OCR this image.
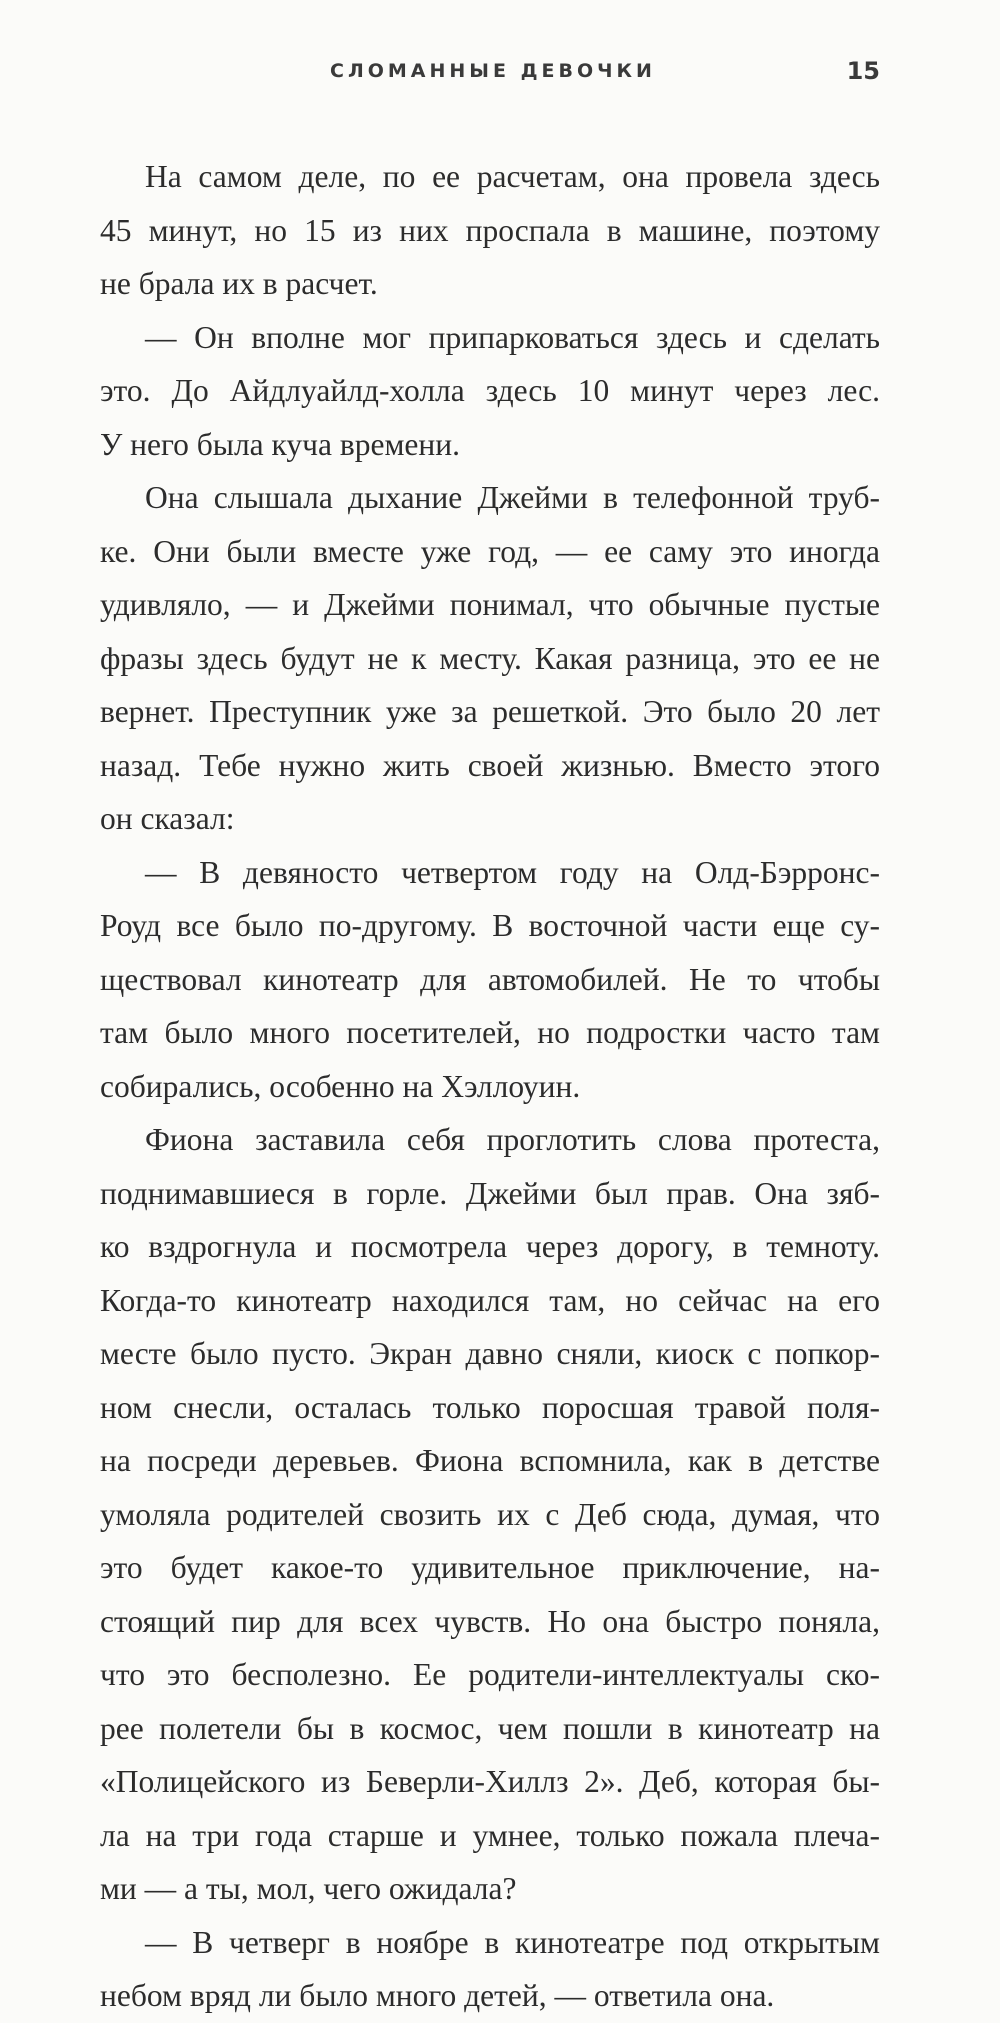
СЛОМАННЫЕ ДЕВОЧКИ	15
На самом деле, по ее расчетам, она провела здесь
45 минут, но 15 из них проспала в машине, поэтому
не брала их в расчет.
— Он вполне мог припарковаться здесь и сделать
это. До Айдлуайлд-холла здесь 10 минут через лес.
У него была куча времени.
Она слышала дыхание Джейми в телефонной труб-
ке. Они были вместе уже год, — ее саму это иногда
удивляло, — и Джейми понимал, что обычные пустые
фразы здесь будут не к месту. Какая разница, это ее не
вернет. Преступник уже за решеткой. Это было 20 лет
назад. Тебе нужно жить своей жизнью. Вместо этого
он сказал:
— В девяносто четвертом году на Олд-Бэрронс-
Роуд все было по-другому. В восточной части еще су-
ществовал кинотеатр для автомобилей. Не то чтобы
там было много посетителей, но подростки часто там
собирались, особенно на Хэллоуин.
Фиона заставила себя проглотить слова протеста,
поднимавшиеся в горле. Джейми был прав. Она зяб-
ко вздрогнула и посмотрела через дорогу, в темноту.
Когда-то кинотеатр находился там, но сейчас на его
месте было пусто. Экран давно сняли, киоск с попкор-
ном снесли, осталась только поросшая травой поля-
на посреди деревьев. Фиона вспомнила, как в детстве
умоляла родителей свозить их с Деб сюда, думая, что
это будет какое-то удивительное приключение, на-
стоящий пир для всех чувств. Но она быстро поняла,
что это бесполезно. Ее родители-интеллектуалы ско-
рее полетели бы в космос, чем пошли в кинотеатр на
«Полицейского из Беверли-Хиллз 2». Деб, которая бы-
ла на три года старше и умнее, только пожала плеча-
ми — а ты, мол, чего ожидала?
— В четверг в ноябре в кинотеатре под открытым
небом вряд ли было много детей, — ответила она.
